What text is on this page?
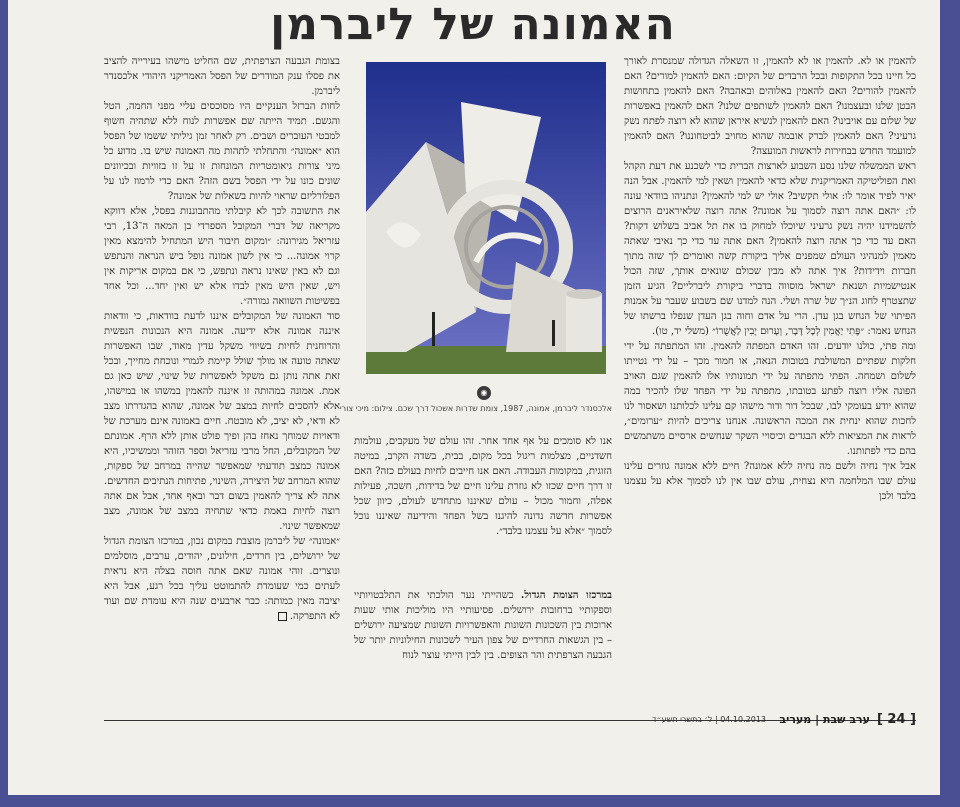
האמונה של ליברמן

להאמין או לא. להאמין או לא להאמין, זו השאלה הגדולה שמנסרת לאורך כל חיינו בכל התקופות ובכל הרבדים של הקיום: האם להאמין למורים? האם להאמין להורים? האם להאמין באלוהים ובאהבה? האם להאמין בתחושות הבטן שלנו ובעצמנו? האם להאמין לשותפים שלנו? האם להאמין באפשרות של שלום עם אויבינו? האם להאמין לנשיא איראן שהוא לא רוצה לפתח נשק גרעיני? האם להאמין לברק אובמה שהוא מחויב לביטחוננו? האם להאמין למועמד החדש בבחירות לראשות המועצה?

ראש הממשלה שלנו נסע השבוע לארצות הברית כדי לשכנע את דעת הקהל ואת הפוליטיקה האמריקנית שלא כדאי להאמין ושאין למי להאמין. אבל הנה יאיר לפיד אומר לו: אולי תקשיב? אולי יש למי להאמין? ונתניהו בוודאי עונה לו: ״האם אתה רוצה לסמוך על אמונה? אתה רוצה שלאיראנים הרוצים להשמידנו יהיה נשק גרעיני שיוכלו למחוק בו את תל אביב בשלוש דקות? האם עד כדי כך אתה רוצה להאמין? האם אתה עד כדי כך נאיבי שאתה מאמין למנהיגי העולם שמפנים אליך ביקורת קשה ואומרים לך שזה מתוך חברות וידידות? איך אתה לא מבין שכולם שונאים אותך, שזה הכול אנטישמיות ושנאת ישראל מוסווה בדברי ביקורת ליברליים? הגיע הזמן שתצטרף לחוג הנ״ך של שרה ושלי. הנה למדנו שם בשבוע שעבר על אמנות הפיתוי של הנחש בגן עדן. הרי על אדם וחוה בגן העדן שנפלו ברשתו של הנחש נאמר: ״פֶּתִי יַאֲמִין לְכָל דָּבָר, וְעָרוּם יָבִין לַאֲשֻׁרוֹ״ (משלי יד, טו).

ומה פתי, כולנו יודעים. זהו האדם המפתה להאמין. זהו המתפתה על ידי חלקות שפתיים המשולבת בטובות הנאה, או חמור מכך – על ידי נטייתו לשלום ושמחה. הפתי מתפתה על ידי תמונותיו אלו להאמין שגם האויב הפונה אליו רוצה לפתע בטובתו, מתפתה על ידי הפחד שלו להכיר במה שהוא יודע בעומקי לבו, שבכל דור ודור מישהו קם עלינו לכלותנו ושאסור לנו לחכות שהוא ינחית את המכה הראשונה. אנחנו צריכים להיות ״ערומים״, לראות את המציאות ללא הבגדים וכיסויי השקר שנחשים ארסיים משתמשים בהם כדי לפתותנו.

אבל איך נחיה ולשם מה נחיה ללא אמונה? חיים ללא אמונה גוזרים עלינו עולם שבו המלחמה היא נצחית, עולם שבו אין לנו לסמוך אלא על עצמנו בלבד ולכן

◉
אלכסנדר ליברמן, אמונה, 1987, צומת שדרות אשכול דרך שכם. צילום: מיכי צורי

אנו לא סומכים על אף אחד אחר. זהו עולם של מעקבים, עולמות חשדניים, מצלמות ריגול בכל מקום, בבית, בשדה הקרב, במיטה הזוגית, במקומות העבודה. האם אנו חייבים לחיות בעולם כזה? האם זו דרך חיים שכזו לא גוזרת עלינו חיים של בדידות, חשכה, פעילות אפלה, וחמור מכול – עולם שאיננו מתחדש לעולם, כיוון שכל אפשרות חדשה נדונה להיגנז בשל הפחד והידיעה שאיננו נוכל לסמוך ״אלא על עצמנו בלבד״.

במרכזו הצומת הגדול. כשהייתי נער הולכתי את התלבטויותיי וספקותיי ברחובות ירושלים. פסיעותיי היו מוליכות אותי שעות ארוכות בין השכונות השונות והאפשרויות השונות שמציעה ירושלים – בין הגשאות החרדיים של צפון העיר לשכונות החילוניות יותר של הגבעה הצרפתית והר הצופים. בין לבין הייתי עוצר לנוח

בצומת הגבעה הצרפתית, שם החליט מישהו בעירייה להציב את פסלו ענק המודרים של הפסל האמריקני היהודי אלכסנדר ליברמן.

לחות הברזל הענקיים היו מסוכסים עליי מפני החמה, הטל והגשם. תמיד הייתה שם אפשרות לנוח ללא שתהיה חשוף למבטי העוברים ושבים. רק לאחר זמן גיליתי ששמו של הפסל הוא ״אמונה״ והתחלתי לתהות מה האמונה שיש בו. מדוע כל מיני צורות גיאומטריות המונחות זו על זו בזוויות ובכיוונים שונים כונו על ידי הפסל בשם הזה? האם כדי לרמוז לנו על הפלורליזם שראוי להיות בשאלות של אמונה?

את התשובה לכך לא קיבלתי מהתבוננות בפסל, אלא דווקא מקריאה של דברי המקובל הספרדי בן המאה ה־13, רבי עזריאל מגירונה: ״ומקום חיבור היש המתחיל להימצא מאין קרוי אמונה... כי אין לשון אמונה נופל ביש הנראה והנתפש וגם לא באין שאינו נראה ונתפש, כי אם במקום אריקות אין ויש, שאין היש מאין לבדו אלא יש ואין יחד... וכל אחד בפשיטות השוואה גמורה״.

סוד האמונה של המקובלים איננו לדעת בוודאות, כי וודאות איננה אמונה אלא ידיעה. אמונה היא הנכונות הנפשית והרוחנית לחיות בשיווי משקל עדין מאוד, שבו האפשרות שאתה טועה או מולך שולל קיימת לגמרי ונוכחת מחייך, ובכל זאת אתה נותן גם משקל לאפשרות של שינוי, שיש כאן גם אמת. אמונה במהותה זו איננה להאמין במשהו או במישהו, אלא להסכים לחיות במצב של אמונה, שהוא בהגדרתו מצב לא ודאי, לא יציב, לא מובטח. חיים באמונה אינם מערכת של ודאויות שמוחך נאחז בהן ופיך פולט אותן ללא הרף. אמונתם של המקובלים, החל מרבי עזריאל וספר הזוהר וממשיכיו, היא אמונה כמצב תודעתי שמאפשר שהייה במרחב של ספקות, שהוא המרחב של היצירה, השינוי, פתיחות הנתיבים החדשים. אתה לא צריך להאמין בשום דבר ובאף אחד, אבל אם אתה רוצה לחיות באמת כדאי שתחיה במצב של אמונה, מצב שמאפשר שינוי.

״אמונה״ של ליברמן מוצבת במקום נכון, במרכזו הצומת הגדול של ירושלים, בין חרדים, חילונים, יהודים, ערבים, מוסלמים ונוצרים. זוהי אמונה שאם אתה חוסה בצלה היא נראית לעתים כמי שעומדת להתמוטט עליך בכל רגע, אבל היא יציבה מאין כמותה: כבר ארבעים שנה היא עומדת שם ועוד לא התפרקה.

[ 24 ]
ערב שבת | מעריב
04.10.2013 | ל׳ בתשרי תשע״ד
